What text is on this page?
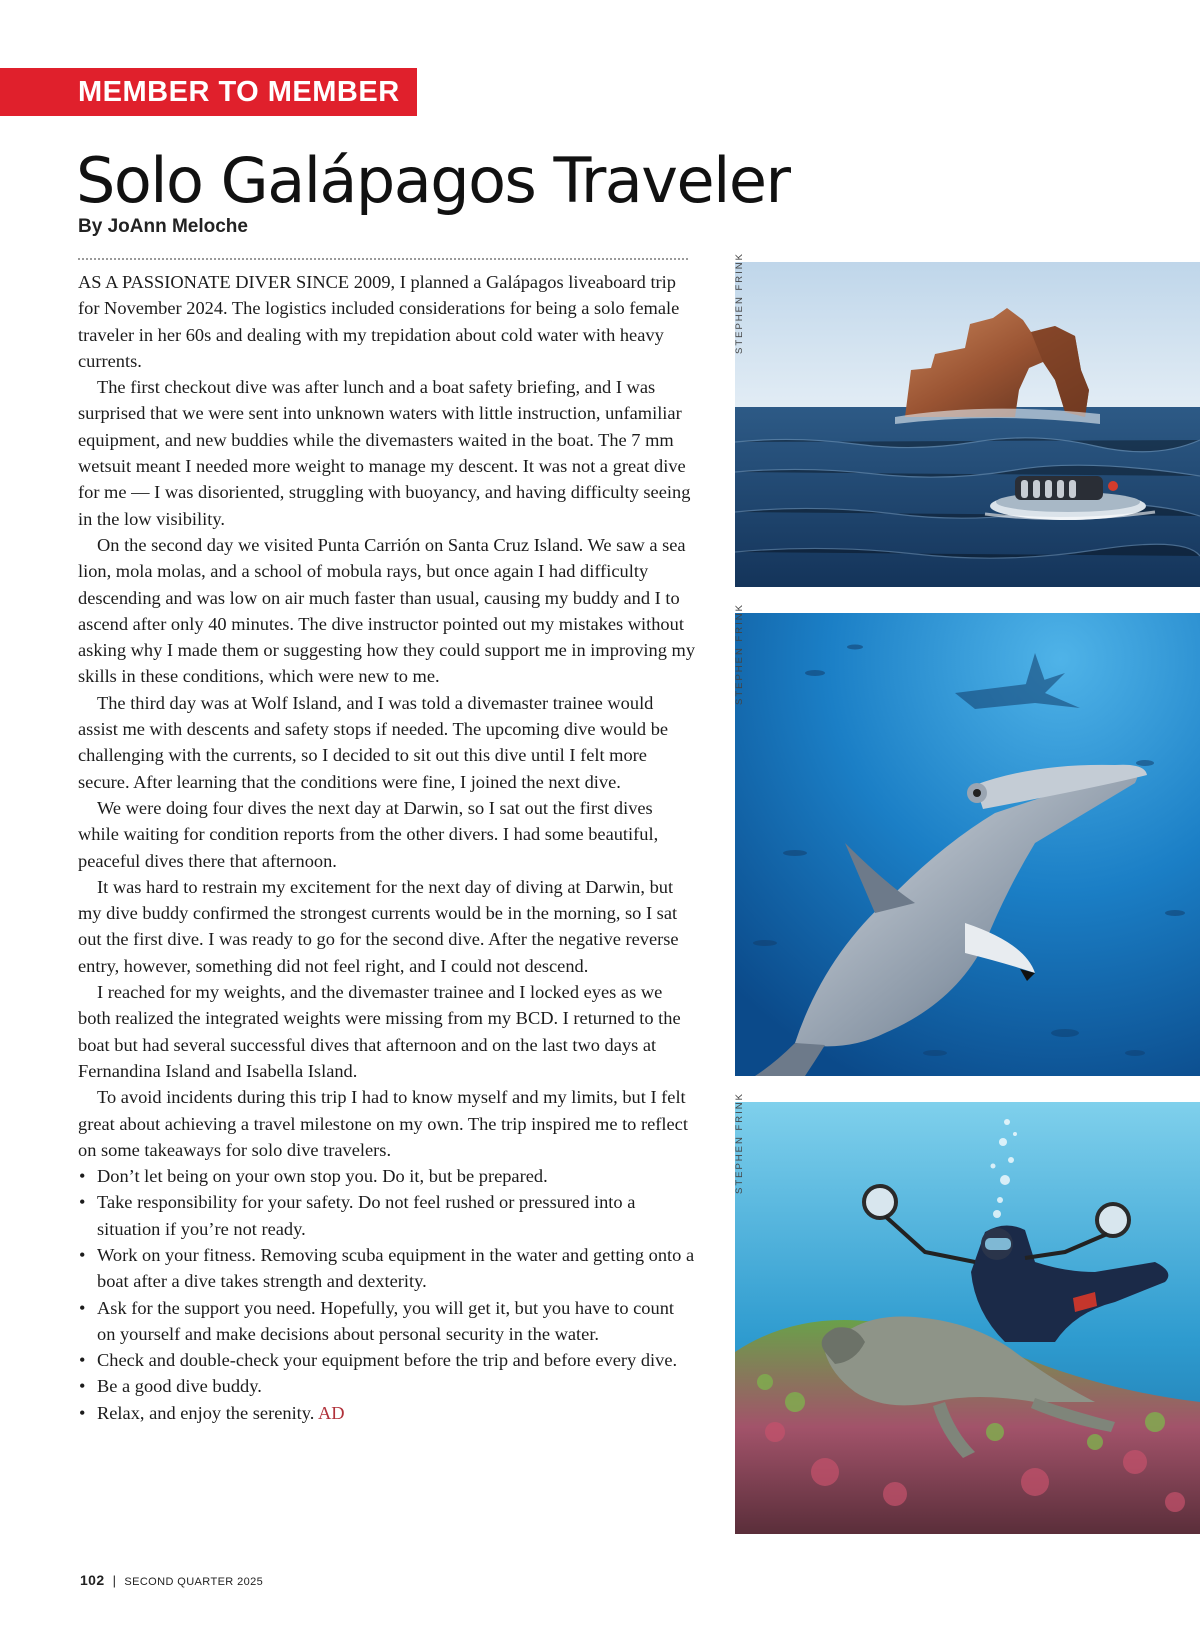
MEMBER TO MEMBER
Solo Galápagos Traveler
By JoAnn Meloche

AS A PASSIONATE DIVER SINCE 2009, I planned a Galápagos liveaboard trip for November 2024. The logistics included considerations for being a solo female traveler in her 60s and dealing with my trepidation about cold water with heavy currents.

The first checkout dive was after lunch and a boat safety briefing, and I was surprised that we were sent into unknown waters with little instruction, unfamiliar equipment, and new buddies while the divemasters waited in the boat. The 7 mm wetsuit meant I needed more weight to manage my descent. It was not a great dive for me — I was disoriented, struggling with buoyancy, and having difficulty seeing in the low visibility.

On the second day we visited Punta Carrión on Santa Cruz Island. We saw a sea lion, mola molas, and a school of mobula rays, but once again I had difficulty descending and was low on air much faster than usual, causing my buddy and I to ascend after only 40 minutes. The dive instructor pointed out my mistakes without asking why I made them or suggesting how they could support me in improving my skills in these conditions, which were new to me.

The third day was at Wolf Island, and I was told a divemaster trainee would assist me with descents and safety stops if needed. The upcoming dive would be challenging with the currents, so I decided to sit out this dive until I felt more secure. After learning that the conditions were fine, I joined the next dive.

We were doing four dives the next day at Darwin, so I sat out the first dives while waiting for condition reports from the other divers. I had some beautiful, peaceful dives there that afternoon.

It was hard to restrain my excitement for the next day of diving at Darwin, but my dive buddy confirmed the strongest currents would be in the morning, so I sat out the first dive. I was ready to go for the second dive. After the negative reverse entry, however, something did not feel right, and I could not descend.

I reached for my weights, and the divemaster trainee and I locked eyes as we both realized the integrated weights were missing from my BCD. I returned to the boat but had several successful dives that afternoon and on the last two days at Fernandina Island and Isabella Island.

To avoid incidents during this trip I had to know myself and my limits, but I felt great about achieving a travel milestone on my own. The trip inspired me to reflect on some takeaways for solo dive travelers.

• Don’t let being on your own stop you. Do it, but be prepared.
• Take responsibility for your safety. Do not feel rushed or pressured into a situation if you’re not ready.
• Work on your fitness. Removing scuba equipment in the water and getting onto a boat after a dive takes strength and dexterity.
• Ask for the support you need. Hopefully, you will get it, but you have to count on yourself and make decisions about personal security in the water.
• Check and double-check your equipment before the trip and before every dive.
• Be a good dive buddy.
• Relax, and enjoy the serenity. AD
STEPHEN FRINK
STEPHEN FRINK
STEPHEN FRINK
102 | SECOND QUARTER 2025
